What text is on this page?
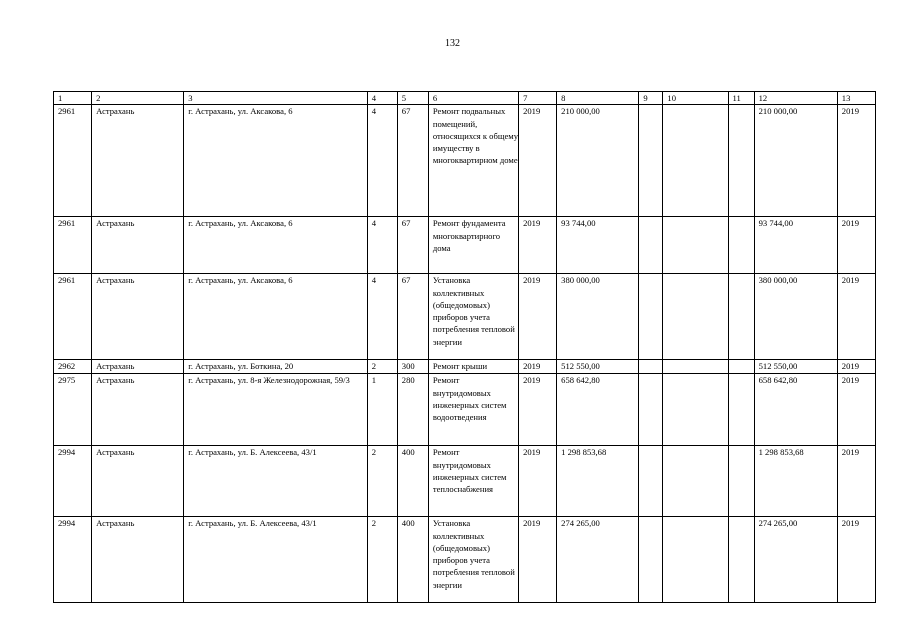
132
1	2	3	4	5	6	7	8	9	10	11	12	13
2961	Астрахань	г. Астрахань, ул. Аксакова, 6	4	67	Ремонт подвальных помещений, относящихся к общему имуществу в многоквартирном доме	2019	210 000,00				210 000,00	2019
2961	Астрахань	г. Астрахань, ул. Аксакова, 6	4	67	Ремонт фундамента многоквартирного дома	2019	93 744,00				93 744,00	2019
2961	Астрахань	г. Астрахань, ул. Аксакова, 6	4	67	Установка коллективных (общедомовых) приборов учета потребления тепловой энергии	2019	380 000,00				380 000,00	2019
2962	Астрахань	г. Астрахань, ул. Боткина, 20	2	300	Ремонт крыши	2019	512 550,00				512 550,00	2019
2975	Астрахань	г. Астрахань, ул. 8-я Железнодорожная, 59/3	1	280	Ремонт внутридомовых инженерных систем водоотведения	2019	658 642,80				658 642,80	2019
2994	Астрахань	г. Астрахань, ул. Б. Алексеева, 43/1	2	400	Ремонт внутридомовых инженерных систем теплоснабжения	2019	1 298 853,68				1 298 853,68	2019
2994	Астрахань	г. Астрахань, ул. Б. Алексеева, 43/1	2	400	Установка коллективных (общедомовых) приборов учета потребления тепловой энергии	2019	274 265,00				274 265,00	2019
